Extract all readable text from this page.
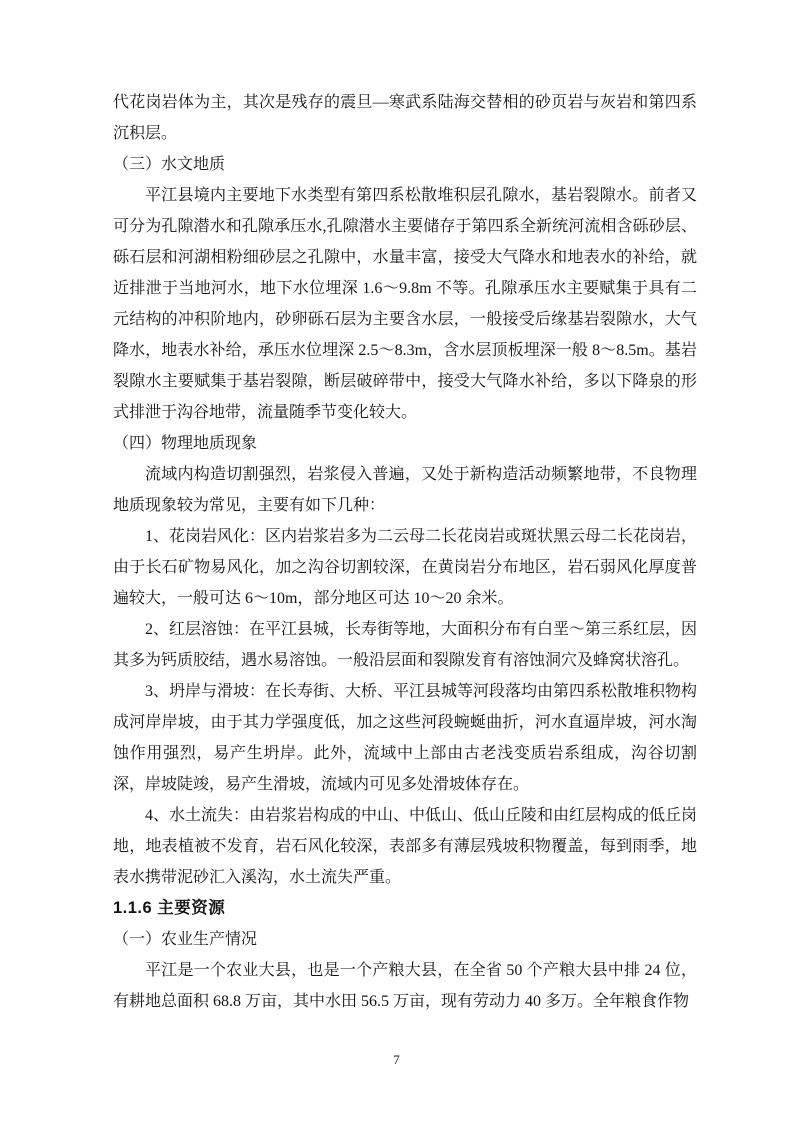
代花岗岩体为主，其次是残存的震旦—寒武系陆海交替相的砂页岩与灰岩和第四系沉积层。

（三）水文地质

平江县境内主要地下水类型有第四系松散堆积层孔隙水，基岩裂隙水。前者又可分为孔隙潜水和孔隙承压水,孔隙潜水主要储存于第四系全新统河流相含砾砂层、砾石层和河湖相粉细砂层之孔隙中，水量丰富，接受大气降水和地表水的补给，就近排泄于当地河水，地下水位埋深 1.6～9.8m 不等。孔隙承压水主要赋集于具有二元结构的冲积阶地内，砂卵砾石层为主要含水层，一般接受后缘基岩裂隙水，大气降水，地表水补给，承压水位埋深 2.5～8.3m，含水层顶板埋深一般 8～8.5m。基岩裂隙水主要赋集于基岩裂隙，断层破碎带中，接受大气降水补给，多以下降泉的形式排泄于沟谷地带，流量随季节变化较大。

（四）物理地质现象

流域内构造切割强烈，岩浆侵入普遍，又处于新构造活动频繁地带，不良物理地质现象较为常见，主要有如下几种：

1、花岗岩风化：区内岩浆岩多为二云母二长花岗岩或斑状黑云母二长花岗岩，由于长石矿物易风化，加之沟谷切割较深，在黄岗岩分布地区，岩石弱风化厚度普遍较大，一般可达 6～10m，部分地区可达 10～20 余米。

2、红层溶蚀：在平江县城，长寿街等地，大面积分布有白垩～第三系红层，因其多为钙质胶结，遇水易溶蚀。一般沿层面和裂隙发育有溶蚀洞穴及蜂窝状溶孔。

3、坍岸与滑坡：在长寿街、大桥、平江县城等河段落均由第四系松散堆积物构成河岸岸坡，由于其力学强度低，加之这些河段蜿蜒曲折，河水直逼岸坡，河水淘蚀作用强烈，易产生坍岸。此外，流域中上部由古老浅变质岩系组成，沟谷切割深，岸坡陡竣，易产生滑坡，流域内可见多处滑坡体存在。

4、水土流失：由岩浆岩构成的中山、中低山、低山丘陵和由红层构成的低丘岗地，地表植被不发育，岩石风化较深，表部多有薄层残坡积物覆盖，每到雨季，地表水携带泥砂汇入溪沟，水土流失严重。

1.1.6 主要资源

（一）农业生产情况

平江是一个农业大县，也是一个产粮大县，在全省 50 个产粮大县中排 24 位，有耕地总面积 68.8 万亩，其中水田 56.5 万亩，现有劳动力 40 多万。全年粮食作物

7
